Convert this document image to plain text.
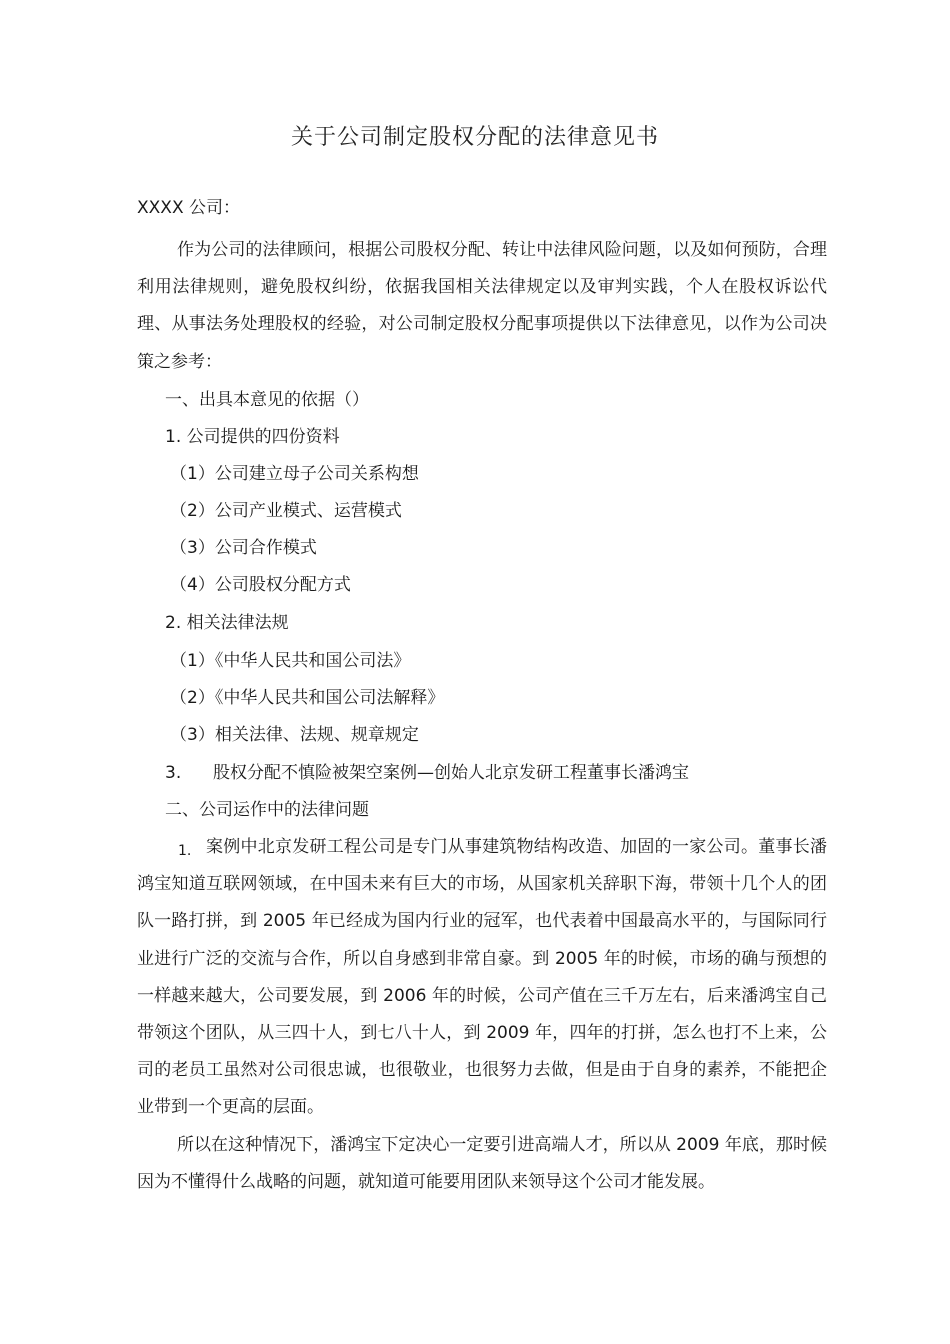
关于公司制定股权分配的法律意见书
XXXX 公司：
作为公司的法律顾问，根据公司股权分配、转让中法律风险问题，以及如何预防，合理利用法律规则，避免股权纠纷，依据我国相关法律规定以及审判实践，个人在股权诉讼代理、从事法务处理股权的经验，对公司制定股权分配事项提供以下法律意见，以作为公司决策之参考：
一、出具本意见的依据（）
1. 公司提供的四份资料
（1）公司建立母子公司关系构想
（2）公司产业模式、运营模式
（3）公司合作模式
（4）公司股权分配方式
2. 相关法律法规
（1）《中华人民共和国公司法》
（2）《中华人民共和国公司法解释》
（3）相关法律、法规、规章规定
3. 股权分配不慎险被架空案例—创始人北京发研工程董事长潘鸿宝
二、公司运作中的法律问题
1. 案例中北京发研工程公司是专门从事建筑物结构改造、加固的一家公司。董事长潘鸿宝知道互联网领域，在中国未来有巨大的市场，从国家机关辞职下海，带领十几个人的团队一路打拼，到 2005 年已经成为国内行业的冠军，也代表着中国最高水平的，与国际同行业进行广泛的交流与合作，所以自身感到非常自豪。到 2005 年的时候，市场的确与预想的一样越来越大，公司要发展，到 2006 年的时候，公司产值在三千万左右，后来潘鸿宝自己带领这个团队，从三四十人，到七八十人，到 2009 年，四年的打拼，怎么也打不上来，公司的老员工虽然对公司很忠诚，也很敬业，也很努力去做，但是由于自身的素养，不能把企业带到一个更高的层面。
所以在这种情况下，潘鸿宝下定决心一定要引进高端人才，所以从 2009 年底，那时候因为不懂得什么战略的问题，就知道可能要用团队来领导这个公司才能发展。
